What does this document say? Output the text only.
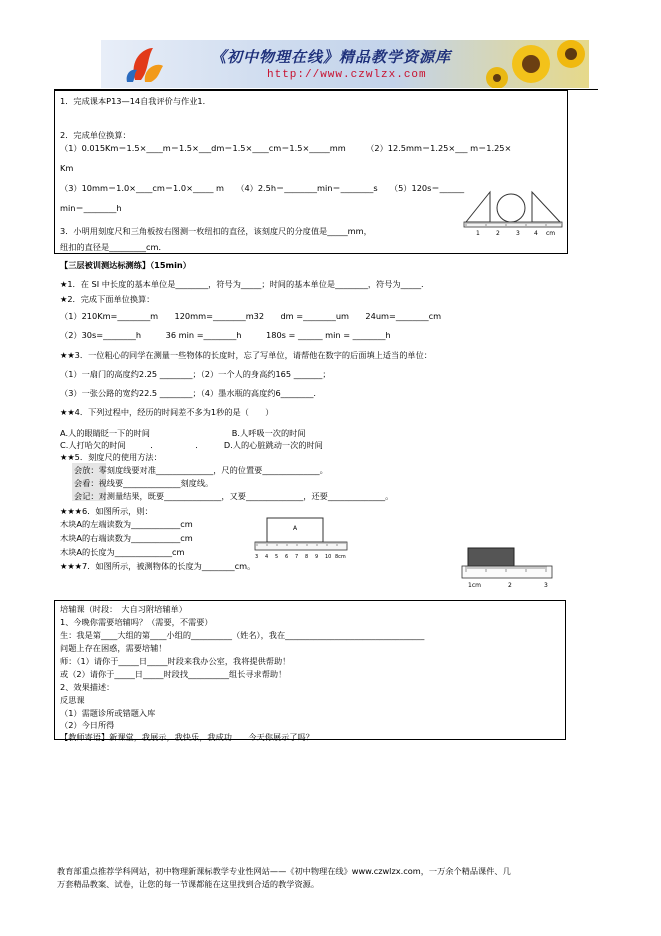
《初中物理在线》精品教学资源库
http://www.czwlzx.com
1．完成课本P13—14自我评价与作业1．
2．完成单位换算：
（1）0.015Km＝1.5×____m＝1.5×___dm＝1.5×____cm＝1.5×_____mm　　　（2）12.5mm＝1.25×___ m＝1.25×
Km
（3）10mm＝1.0×____cm＝1.0×_____ m　　（4）2.5h＝________min＝________s　　（5）120s＝______
min＝________h
3．小明用刻度尺和三角板按右图测一枚纽扣的直径，该刻度尺的分度值是_____mm，
纽扣的直径是_________cm．
1	2	3 4 cm
【三层被训测达标测练】（15min）
★1．在 SI 中长度的基本单位是________，符号为_____；时间的基本单位是________，符号为_____.
★2．完成下面单位换算：
（1）210Km=________m　　120mm=________m32　　dm =________um　　24um=________cm
（2）30s=________h　　　36 min =________h　　　180s = ______ min = ________h
★★3．一位粗心的同学在测量一些物体的长度时，忘了写单位，请帮他在数字的后面填上适当的单位：
（1）一扇门的高度约2.25 ________；（2）一个人的身高约165 _______；
（3）一张公路的宽约22.5 ________；（4）墨水瓶的高度约6________.
★★4．下列过程中，经历的时间差不多为1秒的是（　　）
A.人的眼睛眨一下的时间　　　　　　　　　　B.人呼吸一次的时间
C.人打哈欠的时间　　　．　　　　　．　　　D.人的心脏跳动一次的时间
★★5．刻度尺的使用方法：
会放：零刻度线要对准______________，尺的位置要______________。
会看：视线要______________刻度线。
会记：对测量结果，既要______________，又要______________，还要______________。
★★★6．如图所示，则：
木块A的左端读数为____________cm
木块A的右端读数为____________cm
木块A的长度为______________cm
★★★7．如图所示，被测物体的长度为________cm。
A
3 4 5 6 7 8 9 10 8cm
1cm	2	3
培辅课（时段：　大自习附培辅单）
1、今晚你需要培辅吗？（需要，不需要）
生：我是第____大组的第____小组的__________（姓名），我在__________________________________
问题上存在困惑，需要培辅！
师：（1）请你于_____日_____时段来我办公室，我将提供帮助！
或（2）请你于_____日_____时段找__________组长寻求帮助！
2、效果描述：
反思课
（1）需题诊所或错题入库
（2）今日所得
【教师寄语】新课堂，我展示，我快乐，我成功……今天你展示了吗？
教育部重点推荐学科网站，初中物理新课标教学专业性网站——《初中物理在线》www.czwlzx.com，一万余个精品课件、几
万套精品教案、试卷，让您的每一节课都能在这里找到合适的教学资源。
